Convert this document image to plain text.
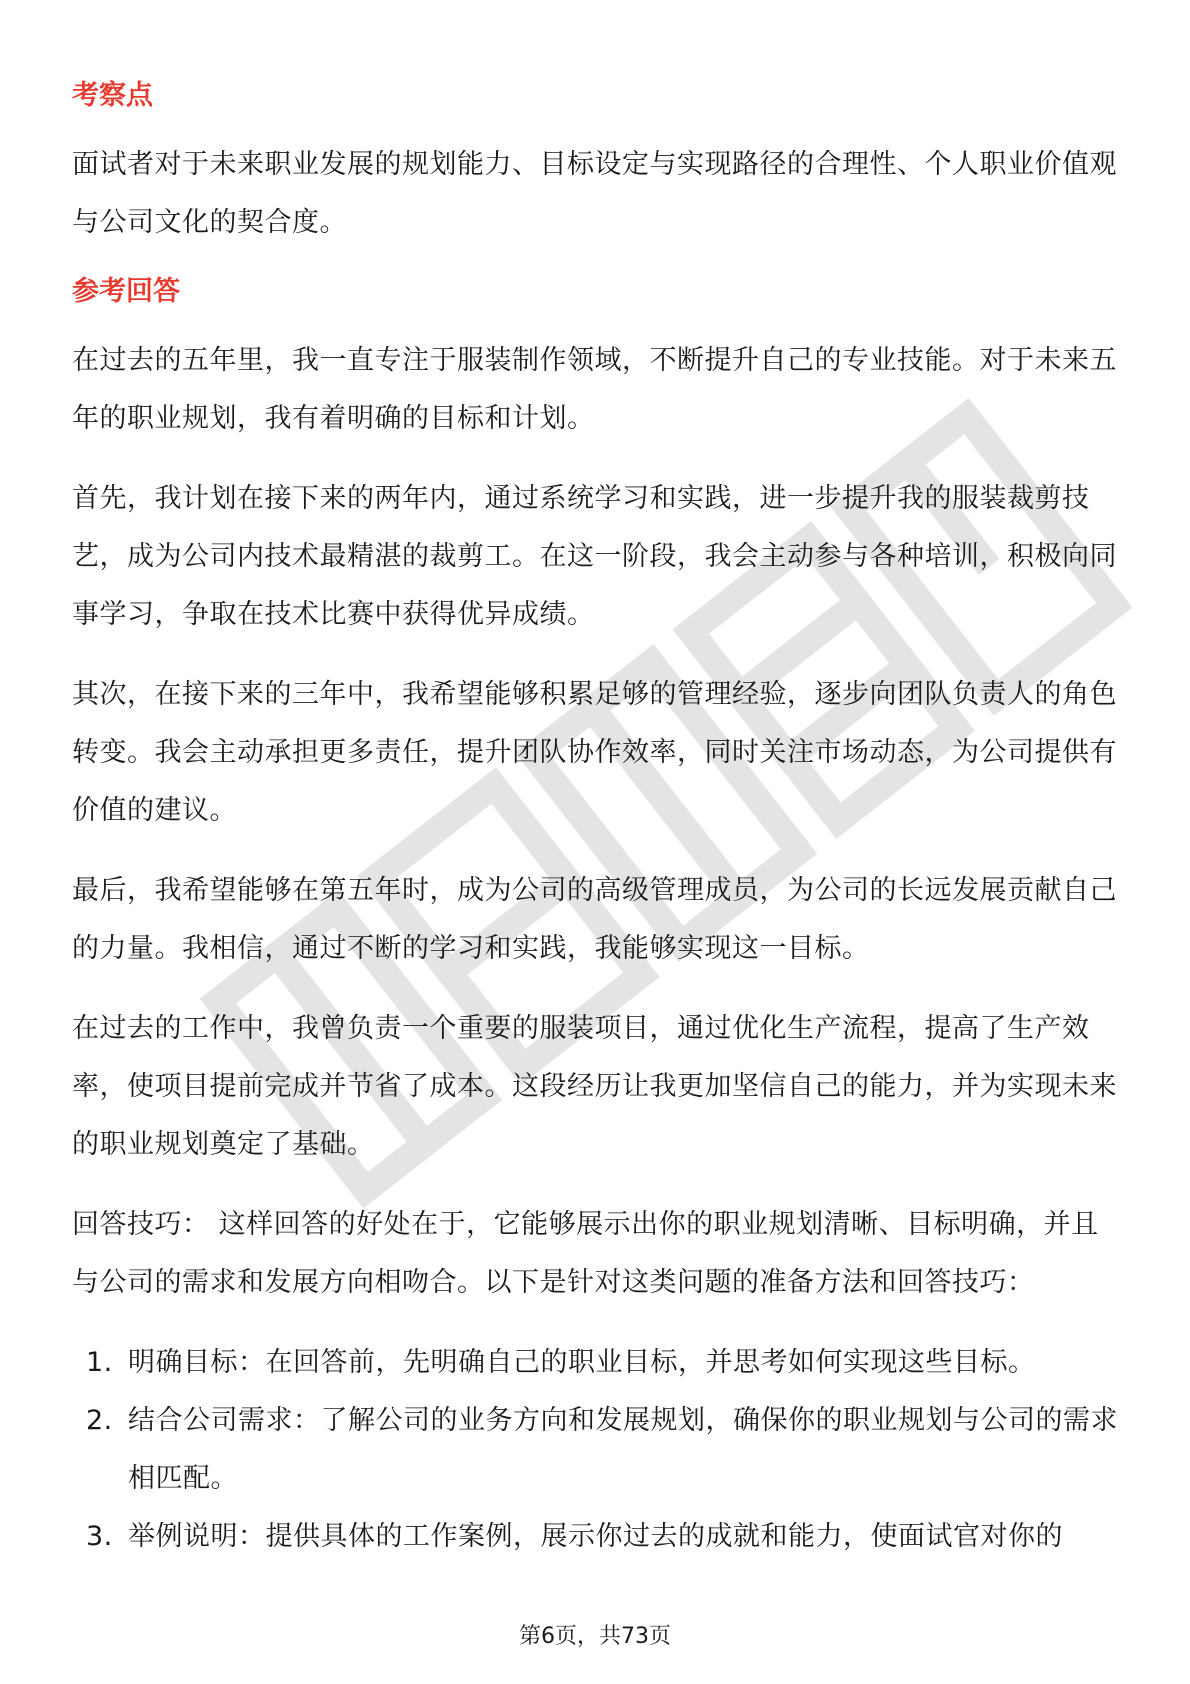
考察点
面试者对于未来职业发展的规划能力、目标设定与实现路径的合理性、个人职业价值观与公司文化的契合度。
参考回答
在过去的五年里，我一直专注于服装制作领域，不断提升自己的专业技能。对于未来五年的职业规划，我有着明确的目标和计划。
首先，我计划在接下来的两年内，通过系统学习和实践，进一步提升我的服装裁剪技艺，成为公司内技术最精湛的裁剪工。在这一阶段，我会主动参与各种培训，积极向同事学习，争取在技术比赛中获得优异成绩。
其次，在接下来的三年中，我希望能够积累足够的管理经验，逐步向团队负责人的角色转变。我会主动承担更多责任，提升团队协作效率，同时关注市场动态，为公司提供有价值的建议。
最后，我希望能够在第五年时，成为公司的高级管理成员，为公司的长远发展贡献自己的力量。我相信，通过不断的学习和实践，我能够实现这一目标。
在过去的工作中，我曾负责一个重要的服装项目，通过优化生产流程，提高了生产效率，使项目提前完成并节省了成本。这段经历让我更加坚信自己的能力，并为实现未来的职业规划奠定了基础。
回答技巧： 这样回答的好处在于，它能够展示出你的职业规划清晰、目标明确，并且与公司的需求和发展方向相吻合。以下是针对这类问题的准备方法和回答技巧：
1. 明确目标：在回答前，先明确自己的职业目标，并思考如何实现这些目标。
2. 结合公司需求：了解公司的业务方向和发展规划，确保你的职业规划与公司的需求相匹配。
3. 举例说明：提供具体的工作案例，展示你过去的成就和能力，使面试官对你的
第6页，共73页
